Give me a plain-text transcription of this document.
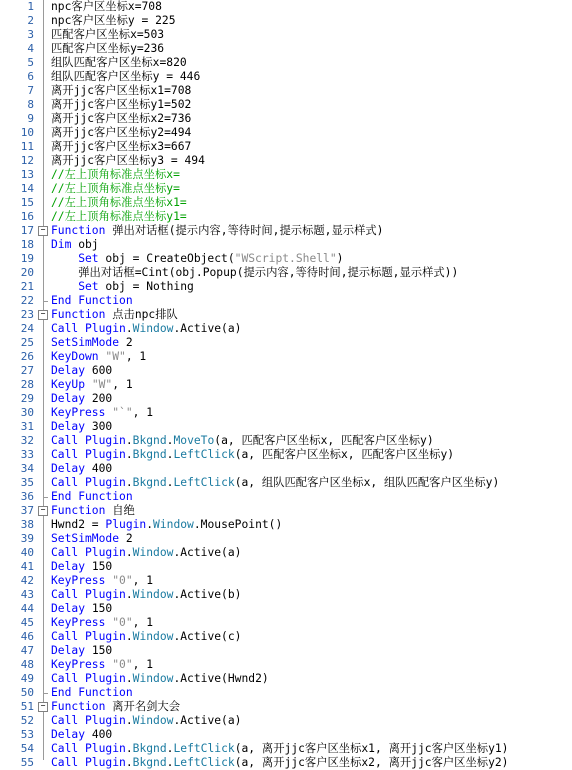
1 npc客户区坐标x=708
2 npc客户区坐标y = 225
3 匹配客户区坐标x=503
4 匹配客户区坐标y=236
5 组队匹配客户区坐标x=820
6 组队匹配客户区坐标y = 446
7 离开jjc客户区坐标x1=708
8 离开jjc客户区坐标y1=502
9 离开jjc客户区坐标x2=736
10 离开jjc客户区坐标y2=494
11 离开jjc客户区坐标x3=667
12 离开jjc客户区坐标y3 = 494
13 //左上顶角标准点坐标x=
14 //左上顶角标准点坐标y=
15 //左上顶角标准点坐标x1=
16 //左上顶角标准点坐标y1=
17 − Function 弹出对话框(提示内容,等待时间,提示标题,显示样式)
18 Dim obj
19 Set obj = CreateObject("WScript.Shell")
20 弹出对话框=Cint(obj.Popup(提示内容,等待时间,提示标题,显示样式))
21 Set obj = Nothing
22 End Function
23 − Function 点击npc排队
24 Call Plugin.Window.Active(a)
25 SetSimMode 2
26 KeyDown "W", 1
27 Delay 600
28 KeyUp "W", 1
29 Delay 200
30 KeyPress "`", 1
31 Delay 300
32 Call Plugin.Bkgnd.MoveTo(a, 匹配客户区坐标x, 匹配客户区坐标y)
33 Call Plugin.Bkgnd.LeftClick(a, 匹配客户区坐标x, 匹配客户区坐标y)
34 Delay 400
35 Call Plugin.Bkgnd.LeftClick(a, 组队匹配客户区坐标x, 组队匹配客户区坐标y)
36 End Function
37 − Function 自绝
38 Hwnd2 = Plugin.Window.MousePoint()
39 SetSimMode 2
40 Call Plugin.Window.Active(a)
41 Delay 150
42 KeyPress "0", 1
43 Call Plugin.Window.Active(b)
44 Delay 150
45 KeyPress "0", 1
46 Call Plugin.Window.Active(c)
47 Delay 150
48 KeyPress "0", 1
49 Call Plugin.Window.Active(Hwnd2)
50 End Function
51 − Function 离开名剑大会
52 Call Plugin.Window.Active(a)
53 Delay 400
54 Call Plugin.Bkgnd.LeftClick(a, 离开jjc客户区坐标x1, 离开jjc客户区坐标y1)
55 Call Plugin.Bkgnd.LeftClick(a, 离开jjc客户区坐标x2, 离开jjc客户区坐标y2)
